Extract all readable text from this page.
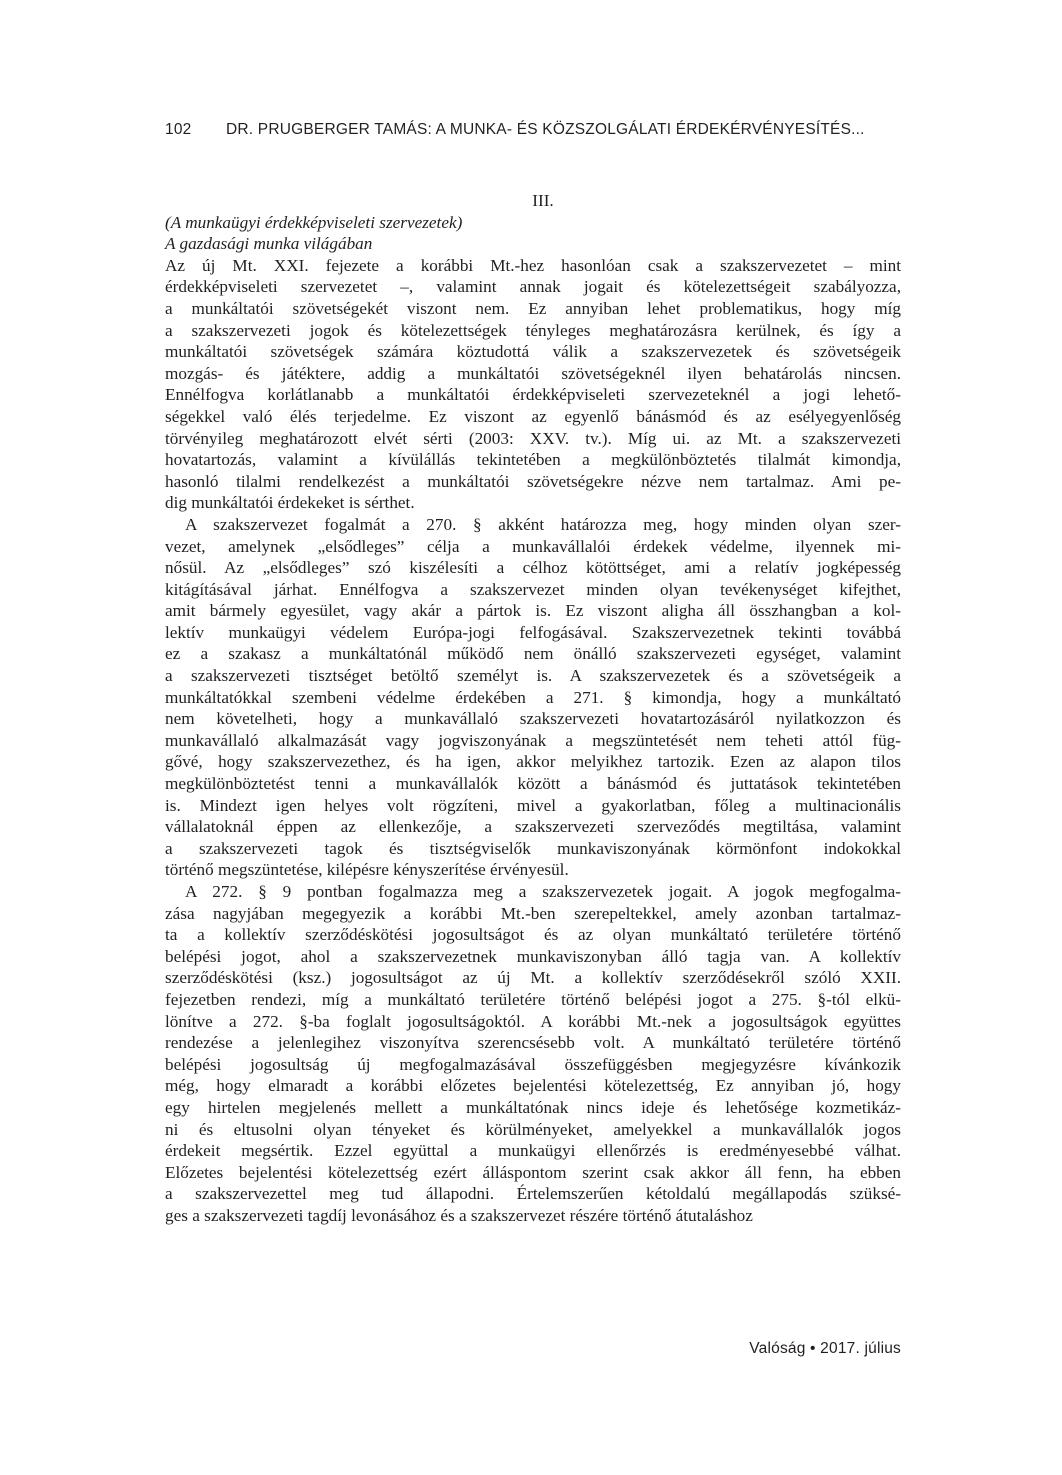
102 DR. PRUGBERGER TAMÁS: A MUNKA- ÉS KÖZSZOLGÁLATI ÉRDEKÉRVÉNYESÍTÉS...
III.
(A munkaügyi érdekképviseleti szervezetek)
A gazdasági munka világában
Az új Mt. XXI. fejezete a korábbi Mt.-hez hasonlóan csak a szakszervezetet – mint
érdekképviseleti szervezetet –, valamint annak jogait és kötelezettségeit szabályozza,
a munkáltatói szövetségekét viszont nem. Ez annyiban lehet problematikus, hogy míg
a szakszervezeti jogok és kötelezettségek tényleges meghatározásra kerülnek, és így a
munkáltatói szövetségek számára köztudottá válik a szakszervezetek és szövetségeik
mozgás- és játéktere, addig a munkáltatói szövetségeknél ilyen behatárolás nincsen.
Ennélfogva korlátlanabb a munkáltatói érdekképviseleti szervezeteknél a jogi lehető-
ségekkel való élés terjedelme. Ez viszont az egyenlő bánásmód és az esélyegyenlőség
törvényileg meghatározott elvét sérti (2003: XXV. tv.). Míg ui. az Mt. a szakszervezeti
hovatartozás, valamint a kívülállás tekintetében a megkülönböztetés tilalmát kimondja,
hasonló tilalmi rendelkezést a munkáltatói szövetségekre nézve nem tartalmaz. Ami pe-
dig munkáltatói érdekeket is sérthet.
A szakszervezet fogalmát a 270. § akként határozza meg, hogy minden olyan szer-
vezet, amelynek „elsődleges” célja a munkavállalói érdekek védelme, ilyennek mi-
nősül. Az „elsődleges” szó kiszélesíti a célhoz kötöttséget, ami a relatív jogképesség
kitágításával járhat. Ennélfogva a szakszervezet minden olyan tevékenységet kifejthet,
amit bármely egyesület, vagy akár a pártok is. Ez viszont aligha áll összhangban a kol-
lektív munkaügyi védelem Európa-jogi felfogásával. Szakszervezetnek tekinti továbbá
ez a szakasz a munkáltatónál működő nem önálló szakszervezeti egységet, valamint
a szakszervezeti tisztséget betöltő személyt is. A szakszervezetek és a szövetségeik a
munkáltatókkal szembeni védelme érdekében a 271. § kimondja, hogy a munkáltató
nem követelheti, hogy a munkavállaló szakszervezeti hovatartozásáról nyilatkozzon és
munkavállaló alkalmazását vagy jogviszonyának a megszüntetését nem teheti attól füg-
gővé, hogy szakszervezethez, és ha igen, akkor melyikhez tartozik. Ezen az alapon tilos
megkülönböztetést tenni a munkavállalók között a bánásmód és juttatások tekintetében
is. Mindezt igen helyes volt rögzíteni, mivel a gyakorlatban, főleg a multinacionális
vállalatoknál éppen az ellenkezője, a szakszervezeti szerveződés megtiltása, valamint
a szakszervezeti tagok és tisztségviselők munkaviszonyának körmönfont indokokkal
történő megszüntetése, kilépésre kényszerítése érvényesül.
A 272. § 9 pontban fogalmazza meg a szakszervezetek jogait. A jogok megfogalma-
zása nagyjában megegyezik a korábbi Mt.-ben szerepeltekkel, amely azonban tartalmaz-
ta a kollektív szerződéskötési jogosultságot és az olyan munkáltató területére történő
belépési jogot, ahol a szakszervezetnek munkaviszonyban álló tagja van. A kollektív
szerződéskötési (ksz.) jogosultságot az új Mt. a kollektív szerződésekről szóló XXII.
fejezetben rendezi, míg a munkáltató területére történő belépési jogot a 275. §-tól elkü-
lönítve a 272. §-ba foglalt jogosultságoktól. A korábbi Mt.-nek a jogosultságok együttes
rendezése a jelenlegihez viszonyítva szerencsésebb volt. A munkáltató területére történő
belépési jogosultság új megfogalmazásával összefüggésben megjegyzésre kívánkozik
még, hogy elmaradt a korábbi előzetes bejelentési kötelezettség, Ez annyiban jó, hogy
egy hirtelen megjelenés mellett a munkáltatónak nincs ideje és lehetősége kozmetikáz-
ni és eltusolni olyan tényeket és körülményeket, amelyekkel a munkavállalók jogos
érdekeit megsértik. Ezzel együttal a munkaügyi ellenőrzés is eredményesebbé válhat.
Előzetes bejelentési kötelezettség ezért álláspontom szerint csak akkor áll fenn, ha ebben
a szakszervezettel meg tud állapodni. Értelemszerűen kétoldalú megállapodás szüksé-
ges a szakszervezeti tagdíj levonásához és a szakszervezet részére történő átutaláshoz
Valóság • 2017. július
